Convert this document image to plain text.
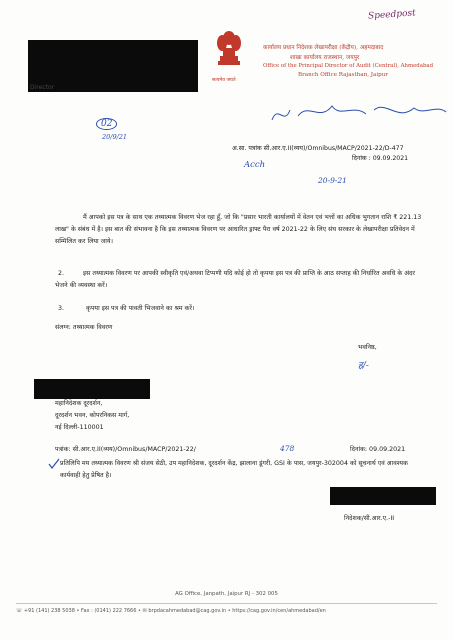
Director
Speedpost
सत्यमेव जयते
कार्यालय प्रधान निदेशक लेखापरीक्षा (केंद्रीय), अहमदाबाद
शाखा कार्यालय राजस्थान, जयपुर
Office of the Principal Director of Audit (Central), Ahmedabad
Branch Office Rajasthan, Jaipur
02
20/9/21
अ.सा. पत्रांक सी.आर.ए.II(व्यय)/Omnibus/MACP/2021-22/D-477
दिनांक : 09.09.2021
Acch
20-9-21
मैं आपको इस पत्र के साथ एक तथ्यात्मक विवरण भेज रहा हूँ, जो कि "प्रसार भारती कार्यालयों में वेतन एवं भत्तों का अधिक भुगतान राशि ₹ 221.13 लाख" के संबंध में है। इस बात की संभावना है कि इस तथ्यात्मक विवरण पर आधारित ड्राफ्ट पैरा वर्ष 2021-22 के लिए संघ सरकार के लेखापरीक्षा प्रतिवेदन में सम्मिलित कर लिया जाये।
2.	इस तथ्यात्मक विवरण पर आपकी स्वीकृति एवं/अथवा टिप्पणी यदि कोई हो तो कृपया इस पत्र की प्राप्ति के आठ सप्ताह की निर्धारित अवधि के अंदर भेजने की व्यवस्था करें।
3.	कृपया इस पत्र की पावती भिजवाने का श्रम करें।
संलग्न: तथ्यात्मक विवरण
भवनिष्ठ,
ह/-
महानिदेशक दूरदर्शन,
दूरदर्शन भवन, कोपरनिकस मार्ग,
नई दिल्ली-110001
पत्रांक: सी.आर.ए.II(व्यय)/Omnibus/MACP/2021-22/	478	दिनांक: 09.09.2021
प्रतिलिपि मय तथ्यात्मक विवरण श्री संजय सेठी, उप महानिदेशक, दूरदर्शन केंद्र, झालाना डूंगरी, GSI के पास, जयपुर-302004 को सूचनार्थ एवं आवश्यक कार्यवाही हेतु प्रेषित है।
निदेशक/सी.आर.ए.-II
AG Office, Janpath, Jaipur RJ - 302 005
☏ +91 (141) 238 5038 • Fax : (0141) 222 7666 • ✉ brpdacahmedabad@cag.gov.in • https://cag.gov.in/cen/ahmedabad/en
